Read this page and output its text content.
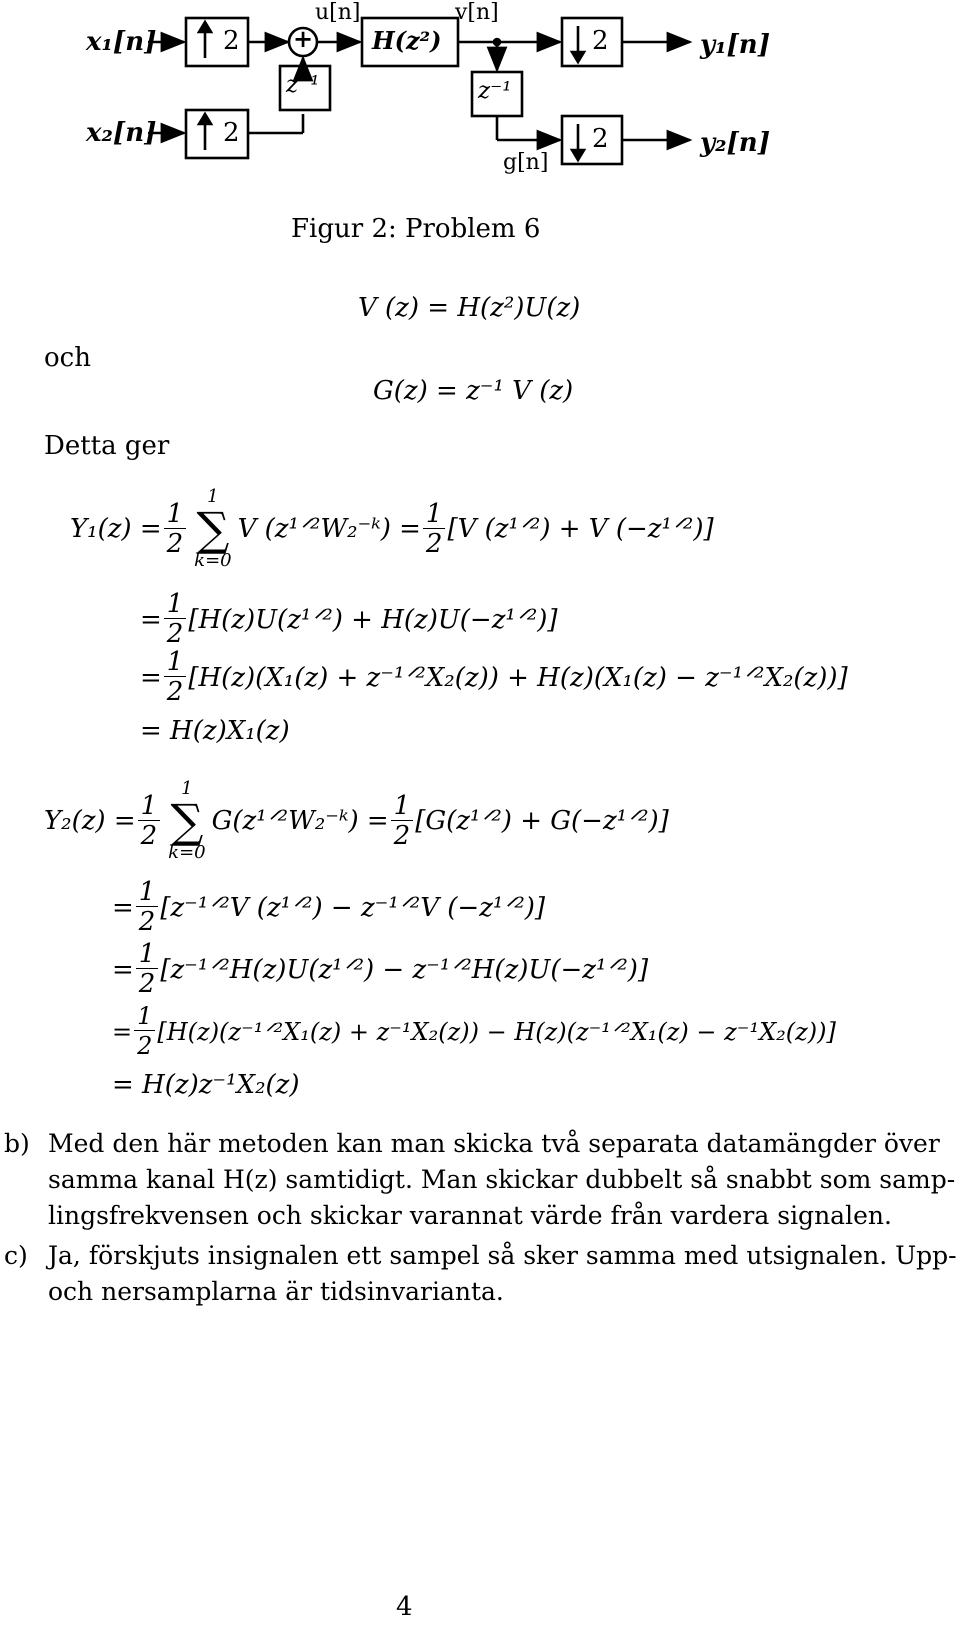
x₁[n]
x₂[n]
2
2
+ H(z²)
z⁻¹	z⁻¹
2
2
u[n]	v[n]
g[n]
y₁[n]
y₂[n]
Figur 2: Problem 6
V (z) = H(z²)U(z)
och
G(z) = z⁻¹ V (z)
Detta ger
$Y_1(z) = \frac{1}{2}$
1
∑
k=0
V (z¹ᐟ²W₂⁻ᵏ) = $\frac{1}{2} [V$ (z¹ᐟ²) + V (−z¹ᐟ²)]
= $\frac{1}{2}$ [H(z)U(z¹ᐟ²) + H(z)U(−z¹ᐟ²)]
= $\frac{1}{2} [H(z)(X_1(z)$ + z⁻¹ᐟ²X₂(z)) + H(z)(X₁(z) − z⁻¹ᐟ²X₂(z))]
= H(z)X₁(z)
$Y_2(z) = \frac{1}{2}$
1
∑
k=0
G(z¹ᐟ²W₂⁻ᵏ) = $\frac{1}{2}$ [G(z¹ᐟ²) + G(−z¹ᐟ²)]
= $\frac{1}{2}$ [z⁻¹ᐟ²V (z¹ᐟ²) − z⁻¹ᐟ²V (−z¹ᐟ²)]
= $\frac{1}{2}$ [z⁻¹ᐟ²H(z)U(z¹ᐟ²) − z⁻¹ᐟ²H(z)U(−z¹ᐟ²)]
= $\frac{1}{2}$ [H(z)(z⁻¹ᐟ²X₁(z) + z⁻¹X₂(z)) − H(z)(z⁻¹ᐟ²X₁(z) − z⁻¹X₂(z))]
= H(z)z⁻¹X₂(z)
b) Med den här metoden kan man skicka två separata datamängder över
samma kanal H(z) samtidigt. Man skickar dubbelt så snabbt som samp-
lingsfrekvensen och skickar varannat värde från vardera signalen.
c) Ja, förskjuts insignalen ett sampel så sker samma med utsignalen. Upp-
och nersamplarna är tidsinvarianta.
4
